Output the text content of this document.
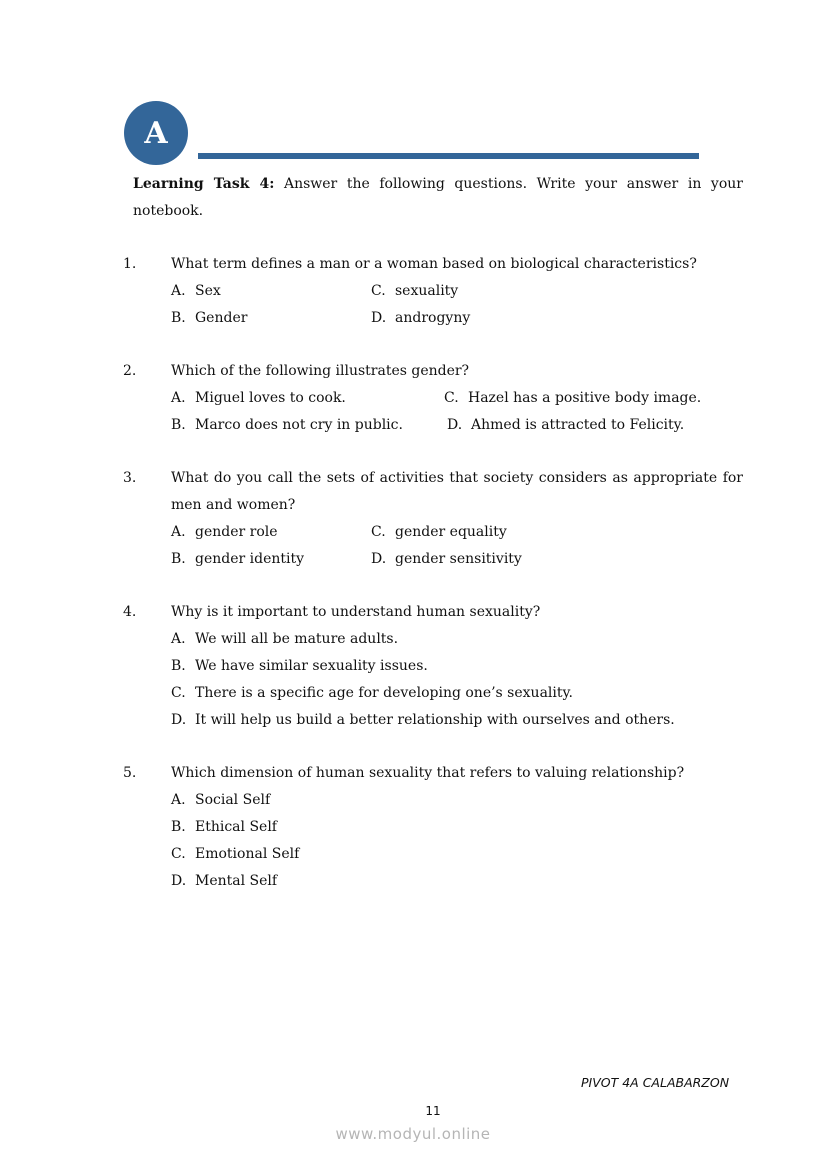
A
Learning Task 4: Answer the following questions. Write your answer in your notebook.
1. What term defines a man or a woman based on biological characteristics?
A. Sex	C. sexuality
B. Gender	D. androgyny
2. Which of the following illustrates gender?
A. Miguel loves to cook.	C. Hazel has a positive body image.
B. Marco does not cry in public.	D. Ahmed is attracted to Felicity.
3. What do you call the sets of activities that society considers as appropriate for men and women?
A. gender role	C. gender equality
B. gender identity	D. gender sensitivity
4. Why is it important to understand human sexuality?
A. We will all be mature adults.
B. We have similar sexuality issues.
C. There is a specific age for developing one’s sexuality.
D. It will help us build a better relationship with ourselves and others.
5. Which dimension of human sexuality that refers to valuing relationship?
A. Social Self
B. Ethical Self
C. Emotional Self
D. Mental Self
PIVOT 4A CALABARZON
11
www.modyul.online
